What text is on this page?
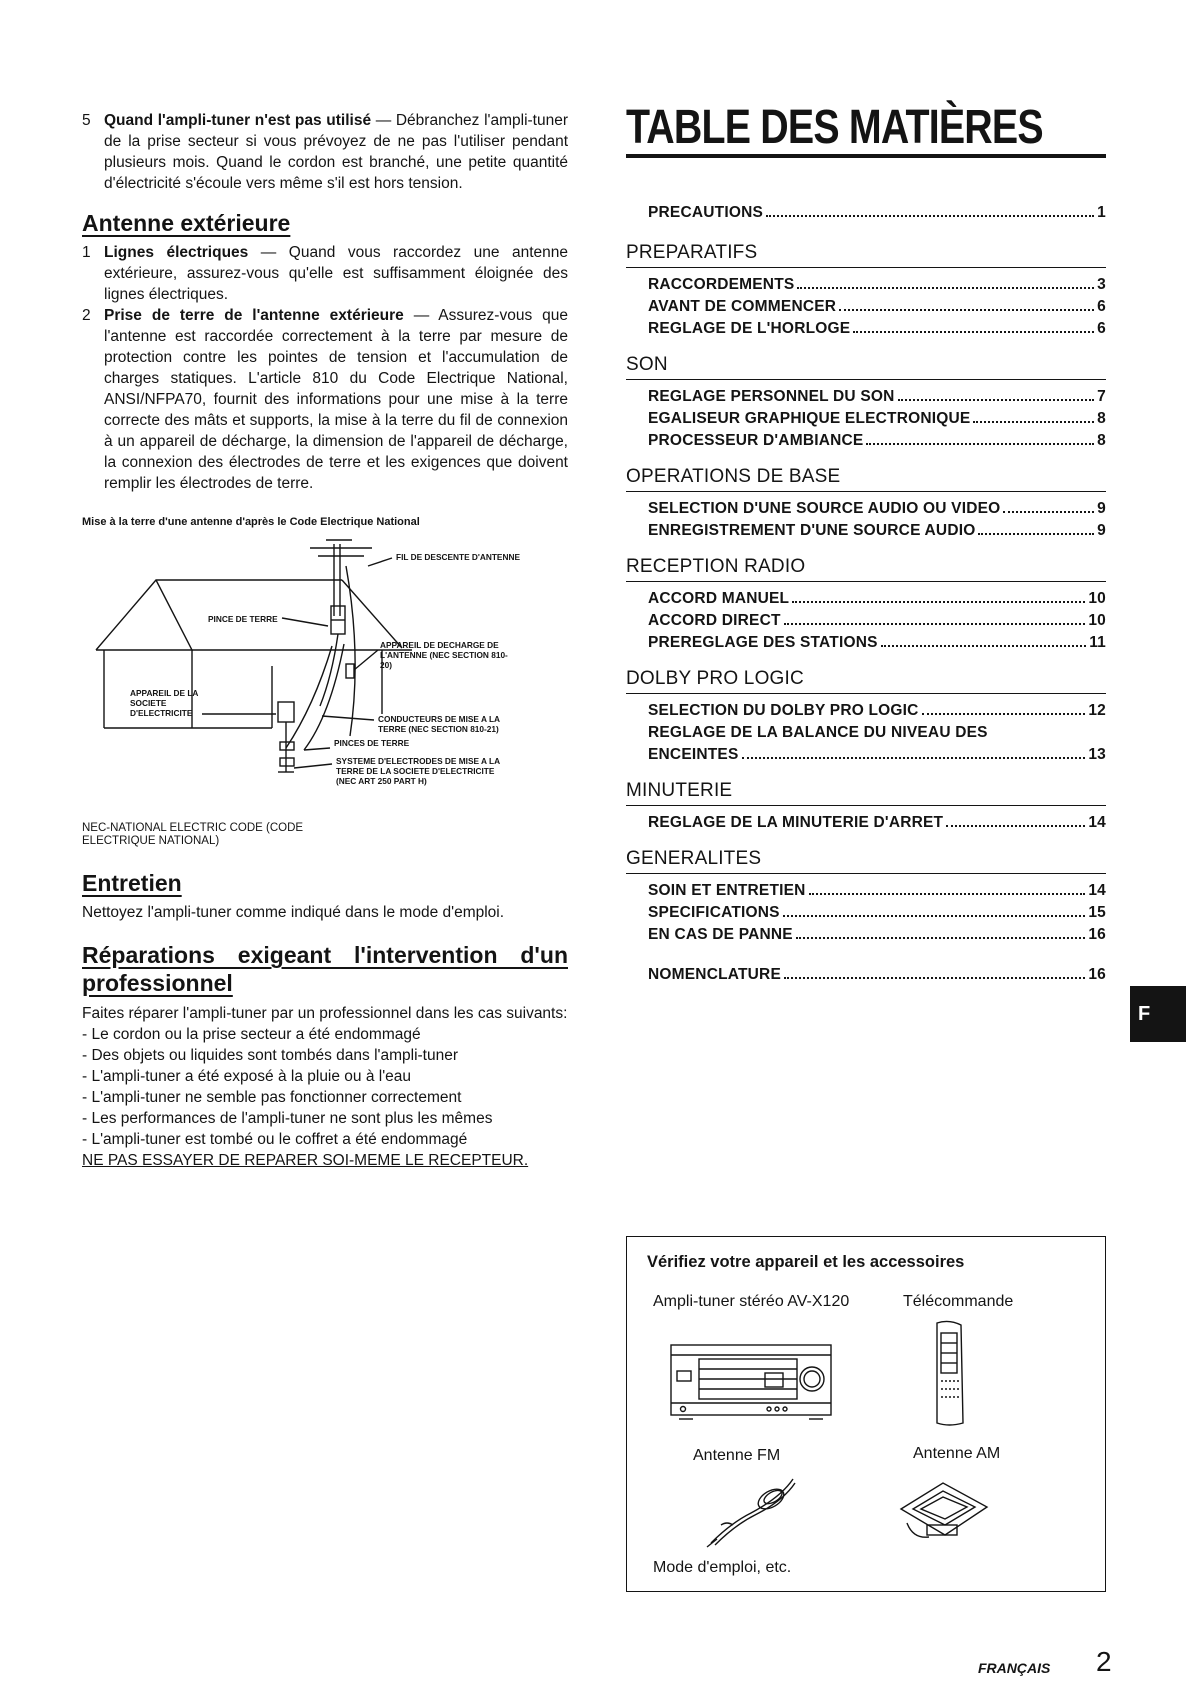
5 Quand l'ampli-tuner n'est pas utilisé — Débranchez l'ampli-tuner de la prise secteur si vous prévoyez de ne pas l'utiliser pendant plusieurs mois. Quand le cordon est branché, une petite quantité d'électricité s'écoule vers même s'il est hors tension.
Antenne extérieure
1 Lignes électriques — Quand vous raccordez une antenne extérieure, assurez-vous qu'elle est suffisamment éloignée des lignes électriques.
2 Prise de terre de l'antenne extérieure — Assurez-vous que l'antenne est raccordée correctement à la terre par mesure de protection contre les pointes de tension et l'accumulation de charges statiques. L'article 810 du Code Electrique National, ANSI/NFPA70, fournit des informations pour une mise à la terre correcte des mâts et supports, la mise à la terre du fil de connexion à un appareil de décharge, la dimension de l'appareil de décharge, la connexion des électrodes de terre et les exigences que doivent remplir les électrodes de terre.
Mise à la terre d'une antenne d'après le Code Electrique National
FIL DE DESCENTE D'ANTENNE
PINCE DE TERRE
APPAREIL DE DECHARGE DE
L'ANTENNE (NEC SECTION 810-
20)
APPAREIL DE LA
SOCIETE
D'ELECTRICITE
CONDUCTEURS DE MISE A LA
TERRE (NEC SECTION 810-21)
PINCES DE TERRE
SYSTEME D'ELECTRODES DE MISE A LA
TERRE DE LA SOCIETE D'ELECTRICITE
(NEC ART 250 PART H)
NEC-NATIONAL ELECTRIC CODE (CODE ELECTRIQUE NATIONAL)
Entretien
Nettoyez l'ampli-tuner comme indiqué dans le mode d'emploi.
Réparations exigeant l'intervention d'un professionnel
Faites réparer l'ampli-tuner par un professionnel dans les cas suivants:
- Le cordon ou la prise secteur a été endommagé
- Des objets ou liquides sont tombés dans l'ampli-tuner
- L'ampli-tuner a été exposé à la pluie ou à l'eau
- L'ampli-tuner ne semble pas fonctionner correctement
- Les performances de l'ampli-tuner ne sont plus les mêmes
- L'ampli-tuner est tombé ou le coffret a été endommagé
NE PAS ESSAYER DE REPARER SOI-MEME LE RECEPTEUR.
TABLE DES MATIÈRES
PRECAUTIONS	1
PREPARATIFS
RACCORDEMENTS	3
AVANT DE COMMENCER	6
REGLAGE DE L'HORLOGE	6
SON
REGLAGE PERSONNEL DU SON	7
EGALISEUR GRAPHIQUE ELECTRONIQUE	8
PROCESSEUR D'AMBIANCE	8
OPERATIONS DE BASE
SELECTION D'UNE SOURCE AUDIO OU VIDEO	9
ENREGISTREMENT D'UNE SOURCE AUDIO	9
RECEPTION RADIO
ACCORD MANUEL	10
ACCORD DIRECT	10
PREREGLAGE DES STATIONS	11
DOLBY PRO LOGIC
SELECTION DU DOLBY PRO LOGIC	12
REGLAGE DE LA BALANCE DU NIVEAU DES
ENCEINTES	13
MINUTERIE
REGLAGE DE LA MINUTERIE D'ARRET	14
GENERALITES
SOIN ET ENTRETIEN	14
SPECIFICATIONS	15
EN CAS DE PANNE	16
NOMENCLATURE	16
Vérifiez votre appareil et les accessoires
Ampli-tuner stéréo AV-X120	Télécommande
Antenne FM	Antenne AM
Mode d'emploi, etc.
F
FRANÇAIS 2
